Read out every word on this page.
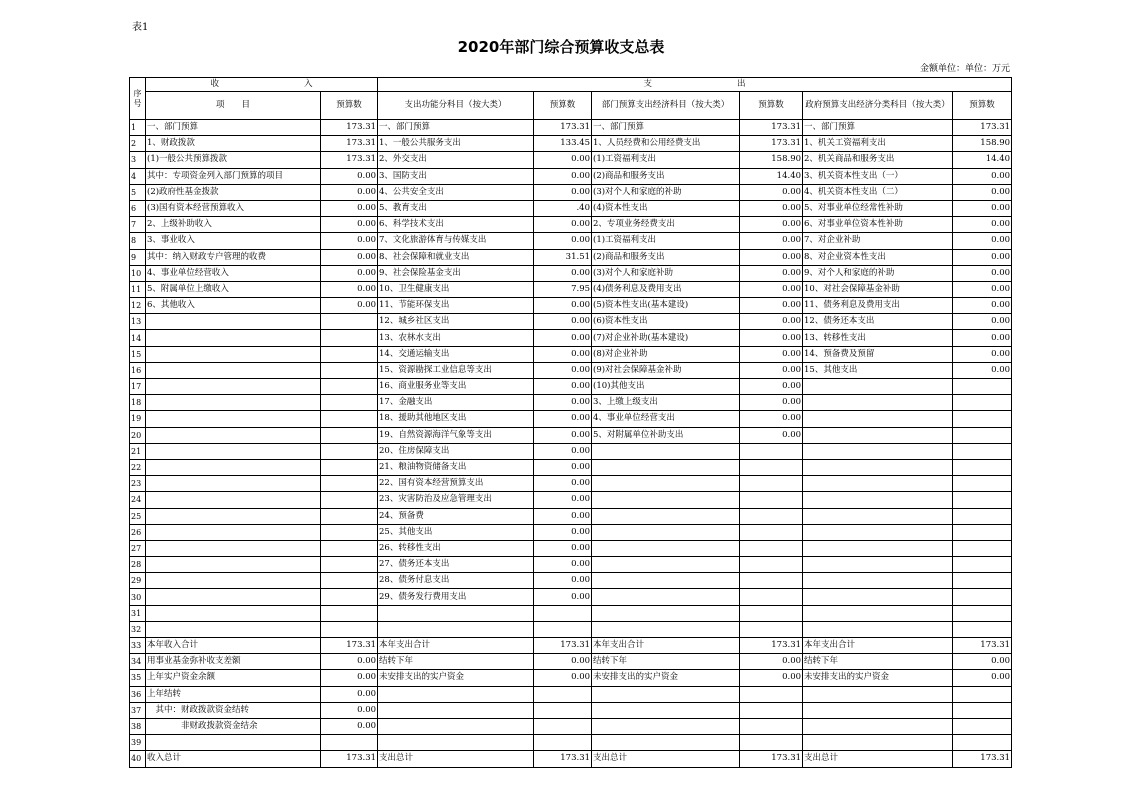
表1
2020年部门综合预算收支总表
金额单位：单位：万元
序号	收　　　　　　　　　　入		支　　　　　　　　　　出					
	项　　目	预算数	支出功能分科目（按大类）	预算数	部门预算支出经济科目（按大类）	预算数	政府预算支出经济分类科目（按大类）	预算数
1	一、部门预算	173.31	一、部门预算	173.31	一、部门预算	173.31	一、部门预算	173.31
2	1、财政拨款	173.31	1、一般公共服务支出	133.45	1、人员经费和公用经费支出	173.31	1、机关工资福利支出	158.90
3	(1)一般公共预算拨款	173.31	2、外交支出	0.00	(1)工资福利支出	158.90	2、机关商品和服务支出	14.40
4	其中：专项资金列入部门预算的项目	0.00	3、国防支出	0.00	(2)商品和服务支出	14.40	3、机关资本性支出（一）	0.00
5	(2)政府性基金拨款	0.00	4、公共安全支出	0.00	(3)对个人和家庭的补助	0.00	4、机关资本性支出（二）	0.00
6	(3)国有资本经营预算收入	0.00	5、教育支出	.40	(4)资本性支出	0.00	5、对事业单位经常性补助	0.00
7	2、上级补助收入	0.00	6、科学技术支出	0.00	2、专项业务经费支出	0.00	6、对事业单位资本性补助	0.00
8	3、事业收入	0.00	7、文化旅游体育与传媒支出	0.00	(1)工资福利支出	0.00	7、对企业补助	0.00
9	其中：纳入财政专户管理的收费	0.00	8、社会保障和就业支出	31.51	(2)商品和服务支出	0.00	8、对企业资本性支出	0.00
10	4、事业单位经营收入	0.00	9、社会保险基金支出	0.00	(3)对个人和家庭补助	0.00	9、对个人和家庭的补助	0.00
11	5、附属单位上缴收入	0.00	10、卫生健康支出	7.95	(4)债务利息及费用支出	0.00	10、对社会保障基金补助	0.00
12	6、其他收入	0.00	11、节能环保支出	0.00	(5)资本性支出(基本建设)	0.00	11、债务利息及费用支出	0.00
13			12、城乡社区支出	0.00	(6)资本性支出	0.00	12、债务还本支出	0.00
14			13、农林水支出	0.00	(7)对企业补助(基本建设)	0.00	13、转移性支出	0.00
15			14、交通运输支出	0.00	(8)对企业补助	0.00	14、预备费及预留	0.00
16			15、资源勘探工业信息等支出	0.00	(9)对社会保障基金补助	0.00	15、其他支出	0.00
17			16、商业服务业等支出	0.00	(10)其他支出	0.00		
18			17、金融支出	0.00	3、上缴上级支出	0.00		
19			18、援助其他地区支出	0.00	4、事业单位经营支出	0.00		
20			19、自然资源海洋气象等支出	0.00	5、对附属单位补助支出	0.00		
21			20、住房保障支出	0.00				
22			21、粮油物资储备支出	0.00				
23			22、国有资本经营预算支出	0.00				
24			23、灾害防治及应急管理支出	0.00				
25			24、预备费	0.00				
26			25、其他支出	0.00				
27			26、转移性支出	0.00				
28			27、债务还本支出	0.00				
29			28、债务付息支出	0.00				
30			29、债务发行费用支出	0.00				
31								
32								
33	本年收入合计	173.31	本年支出合计	173.31	本年支出合计	173.31	本年支出合计	173.31
34	用事业基金弥补收支差额	0.00	结转下年	0.00	结转下年	0.00	结转下年	0.00
35	上年实户资金余额	0.00	未安排支出的实户资金	0.00	未安排支出的实户资金	0.00	未安排支出的实户资金	0.00
36	上年结转	0.00						
37	　其中：财政拨款资金结转	0.00						
38	　　　　非财政拨款资金结余	0.00						
39								
40	收入总计	173.31	支出总计	173.31	支出总计	173.31	支出总计	173.31
